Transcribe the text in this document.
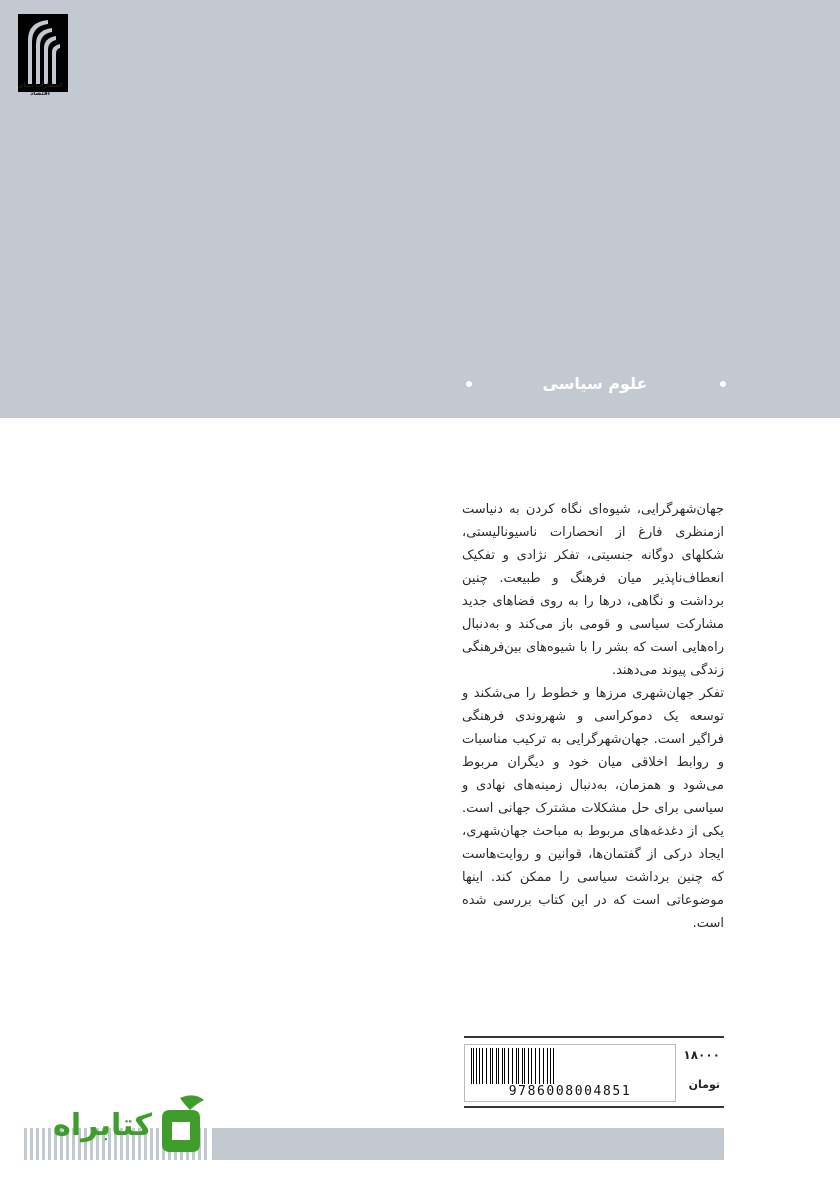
انتشارات دنیای اقتصاد
علوم سیاسی

جهان‌شهرگرایی، شیوه‌ای نگاه کردن به دنیاست ازمنظری فارغ از انحصارات ناسیونالیستی، شکلهای دوگانه جنسیتی، تفکر نژادی و تفکیک انعطاف‌ناپذیر میان فرهنگ و طبیعت. چنین برداشت و نگاهی، درها را به روی فضاهای جدید مشارکت سیاسی و قومی باز می‌کند و به‌دنبال راه‌هایی است که بشر را با شیوه‌های بین‌فرهنگی زندگی پیوند می‌دهند.

تفکر جهان‌شهری مرزها و خطوط را می‌شکند و توسعه یک دموکراسی و شهروندی فرهنگی فراگیر است. جهان‌شهرگرایی به ترکیب مناسبات و روابط اخلاقی میان خود و دیگران مربوط می‌شود و همزمان، به‌دنبال زمینه‌های نهادی و سیاسی برای حل مشکلات مشترک جهانی است. یکی از دغدغه‌های مربوط به مباحث جهان‌شهری، ایجاد درکی از گفتمان‌ها، قوانین و روایت‌هاست که چنین برداشت سیاسی را ممکن کند. اینها موضوعاتی است که در این کتاب بررسی شده است.

9786008004851
۱۸۰۰۰
تومان
کتابراه
